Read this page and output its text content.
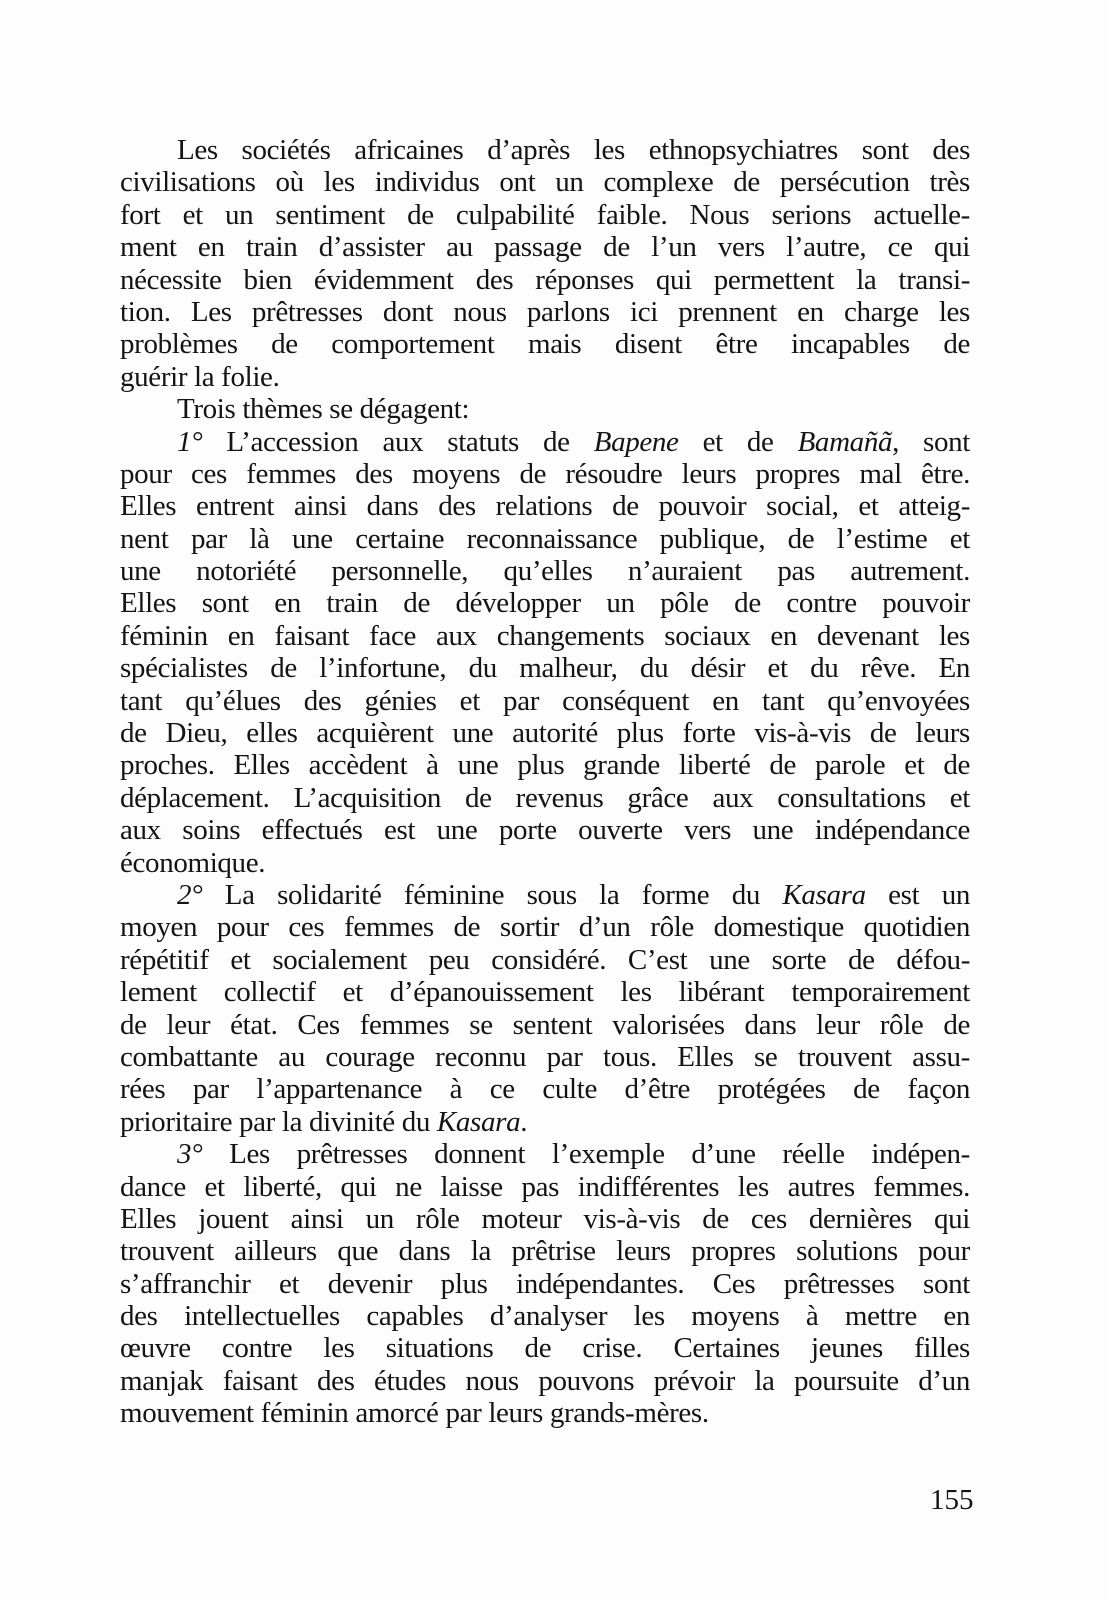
Les sociétés africaines d’après les ethnopsychiatres sont des
civilisations où les individus ont un complexe de persécution très
fort et un sentiment de culpabilité faible. Nous serions actuelle-
ment en train d’assister au passage de l’un vers l’autre, ce qui
nécessite bien évidemment des réponses qui permettent la transi-
tion. Les prêtresses dont nous parlons ici prennent en charge les
problèmes de comportement mais disent être incapables de
guérir la folie.
Trois thèmes se dégagent:
1° L’accession aux statuts de Bapene et de Bamañã, sont
pour ces femmes des moyens de résoudre leurs propres mal être.
Elles entrent ainsi dans des relations de pouvoir social, et atteig-
nent par là une certaine reconnaissance publique, de l’estime et
une notoriété personnelle, qu’elles n’auraient pas autrement.
Elles sont en train de développer un pôle de contre pouvoir
féminin en faisant face aux changements sociaux en devenant les
spécialistes de l’infortune, du malheur, du désir et du rêve. En
tant qu’élues des génies et par conséquent en tant qu’envoyées
de Dieu, elles acquièrent une autorité plus forte vis-à-vis de leurs
proches. Elles accèdent à une plus grande liberté de parole et de
déplacement. L’acquisition de revenus grâce aux consultations et
aux soins effectués est une porte ouverte vers une indépendance
économique.
2° La solidarité féminine sous la forme du Kasara est un
moyen pour ces femmes de sortir d’un rôle domestique quotidien
répétitif et socialement peu considéré. C’est une sorte de défou-
lement collectif et d’épanouissement les libérant temporairement
de leur état. Ces femmes se sentent valorisées dans leur rôle de
combattante au courage reconnu par tous. Elles se trouvent assu-
rées par l’appartenance à ce culte d’être protégées de façon
prioritaire par la divinité du Kasara.
3° Les prêtresses donnent l’exemple d’une réelle indépen-
dance et liberté, qui ne laisse pas indifférentes les autres femmes.
Elles jouent ainsi un rôle moteur vis-à-vis de ces dernières qui
trouvent ailleurs que dans la prêtrise leurs propres solutions pour
s’affranchir et devenir plus indépendantes. Ces prêtresses sont
des intellectuelles capables d’analyser les moyens à mettre en
œuvre contre les situations de crise. Certaines jeunes filles
manjak faisant des études nous pouvons prévoir la poursuite d’un
mouvement féminin amorcé par leurs grands-mères.
155
